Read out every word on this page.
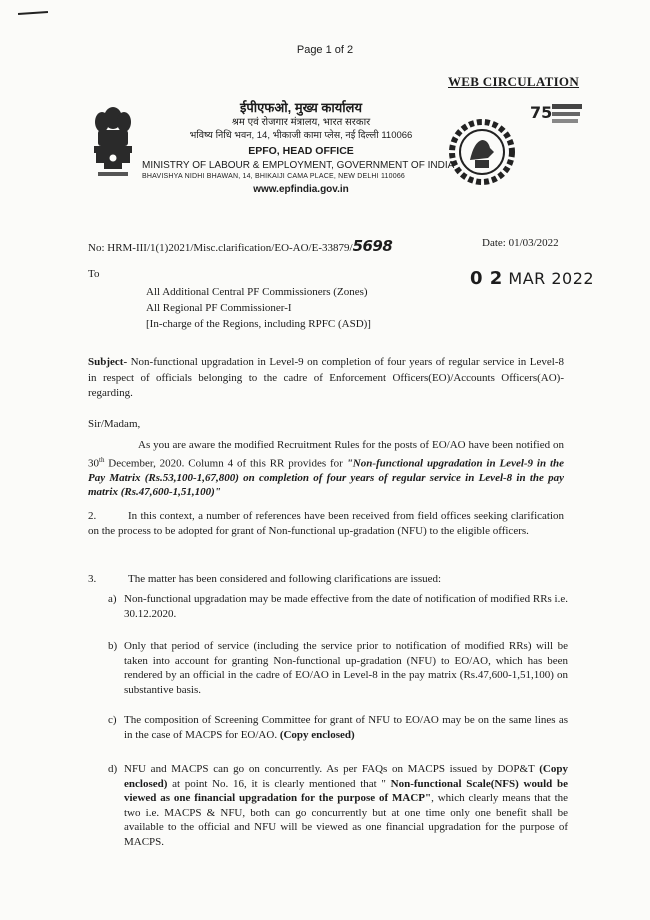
Page 1 of 2
WEB CIRCULATION
75
ईपीएफओ, मुख्य कार्यालय
श्रम एवं रोजगार मंत्रालय, भारत सरकार
भविष्य निधि भवन, 14, भीकाजी कामा प्लेस, नई दिल्ली 110066
EPFO, HEAD OFFICE
MINISTRY OF LABOUR & EMPLOYMENT, GOVERNMENT OF INDIA
BHAVISHYA NIDHI BHAWAN, 14, BHIKAIJI CAMA PLACE, NEW DELHI 110066
www.epfindia.gov.in
No: HRM-III/1(1)2021/Misc.clarification/EO-AO/E-33879/5698	Date: 01/03/2022
0 2 MAR 2022
To
All Additional Central PF Commissioners (Zones)
All Regional PF Commissioner-I
[In-charge of the Regions, including RPFC (ASD)]
Subject- Non-functional upgradation in Level-9 on completion of four years of regular service in Level-8 in respect of officials belonging to the cadre of Enforcement Officers(EO)/Accounts Officers(AO)-regarding.
Sir/Madam,
As you are aware the modified Recruitment Rules for the posts of EO/AO have been notified on 30th December, 2020. Column 4 of this RR provides for "Non-functional upgradation in Level-9 in the Pay Matrix (Rs.53,100-1,67,800) on completion of four years of regular service in Level-8 in the pay matrix (Rs.47,600-1,51,100)"
2.	In this context, a number of references have been received from field offices seeking clarification on the process to be adopted for grant of Non-functional up-gradation (NFU) to the eligible officers.
3.	The matter has been considered and following clarifications are issued:
a) Non-functional upgradation may be made effective from the date of notification of modified RRs i.e. 30.12.2020.
b) Only that period of service (including the service prior to notification of modified RRs) will be taken into account for granting Non-functional up-gradation (NFU) to EO/AO, which has been rendered by an official in the cadre of EO/AO in Level-8 in the pay matrix (Rs.47,600-1,51,100) on substantive basis.
c) The composition of Screening Committee for grant of NFU to EO/AO may be on the same lines as in the case of MACPS for EO/AO. (Copy enclosed)
d) NFU and MACPS can go on concurrently. As per FAQs on MACPS issued by DOP&T (Copy enclosed) at point No. 16, it is clearly mentioned that " Non-functional Scale(NFS) would be viewed as one financial upgradation for the purpose of MACP", which clearly means that the two i.e. MACPS & NFU, both can go concurrently but at one time only one benefit shall be available to the official and NFU will be viewed as one financial upgradation for the purpose of MACPS.
